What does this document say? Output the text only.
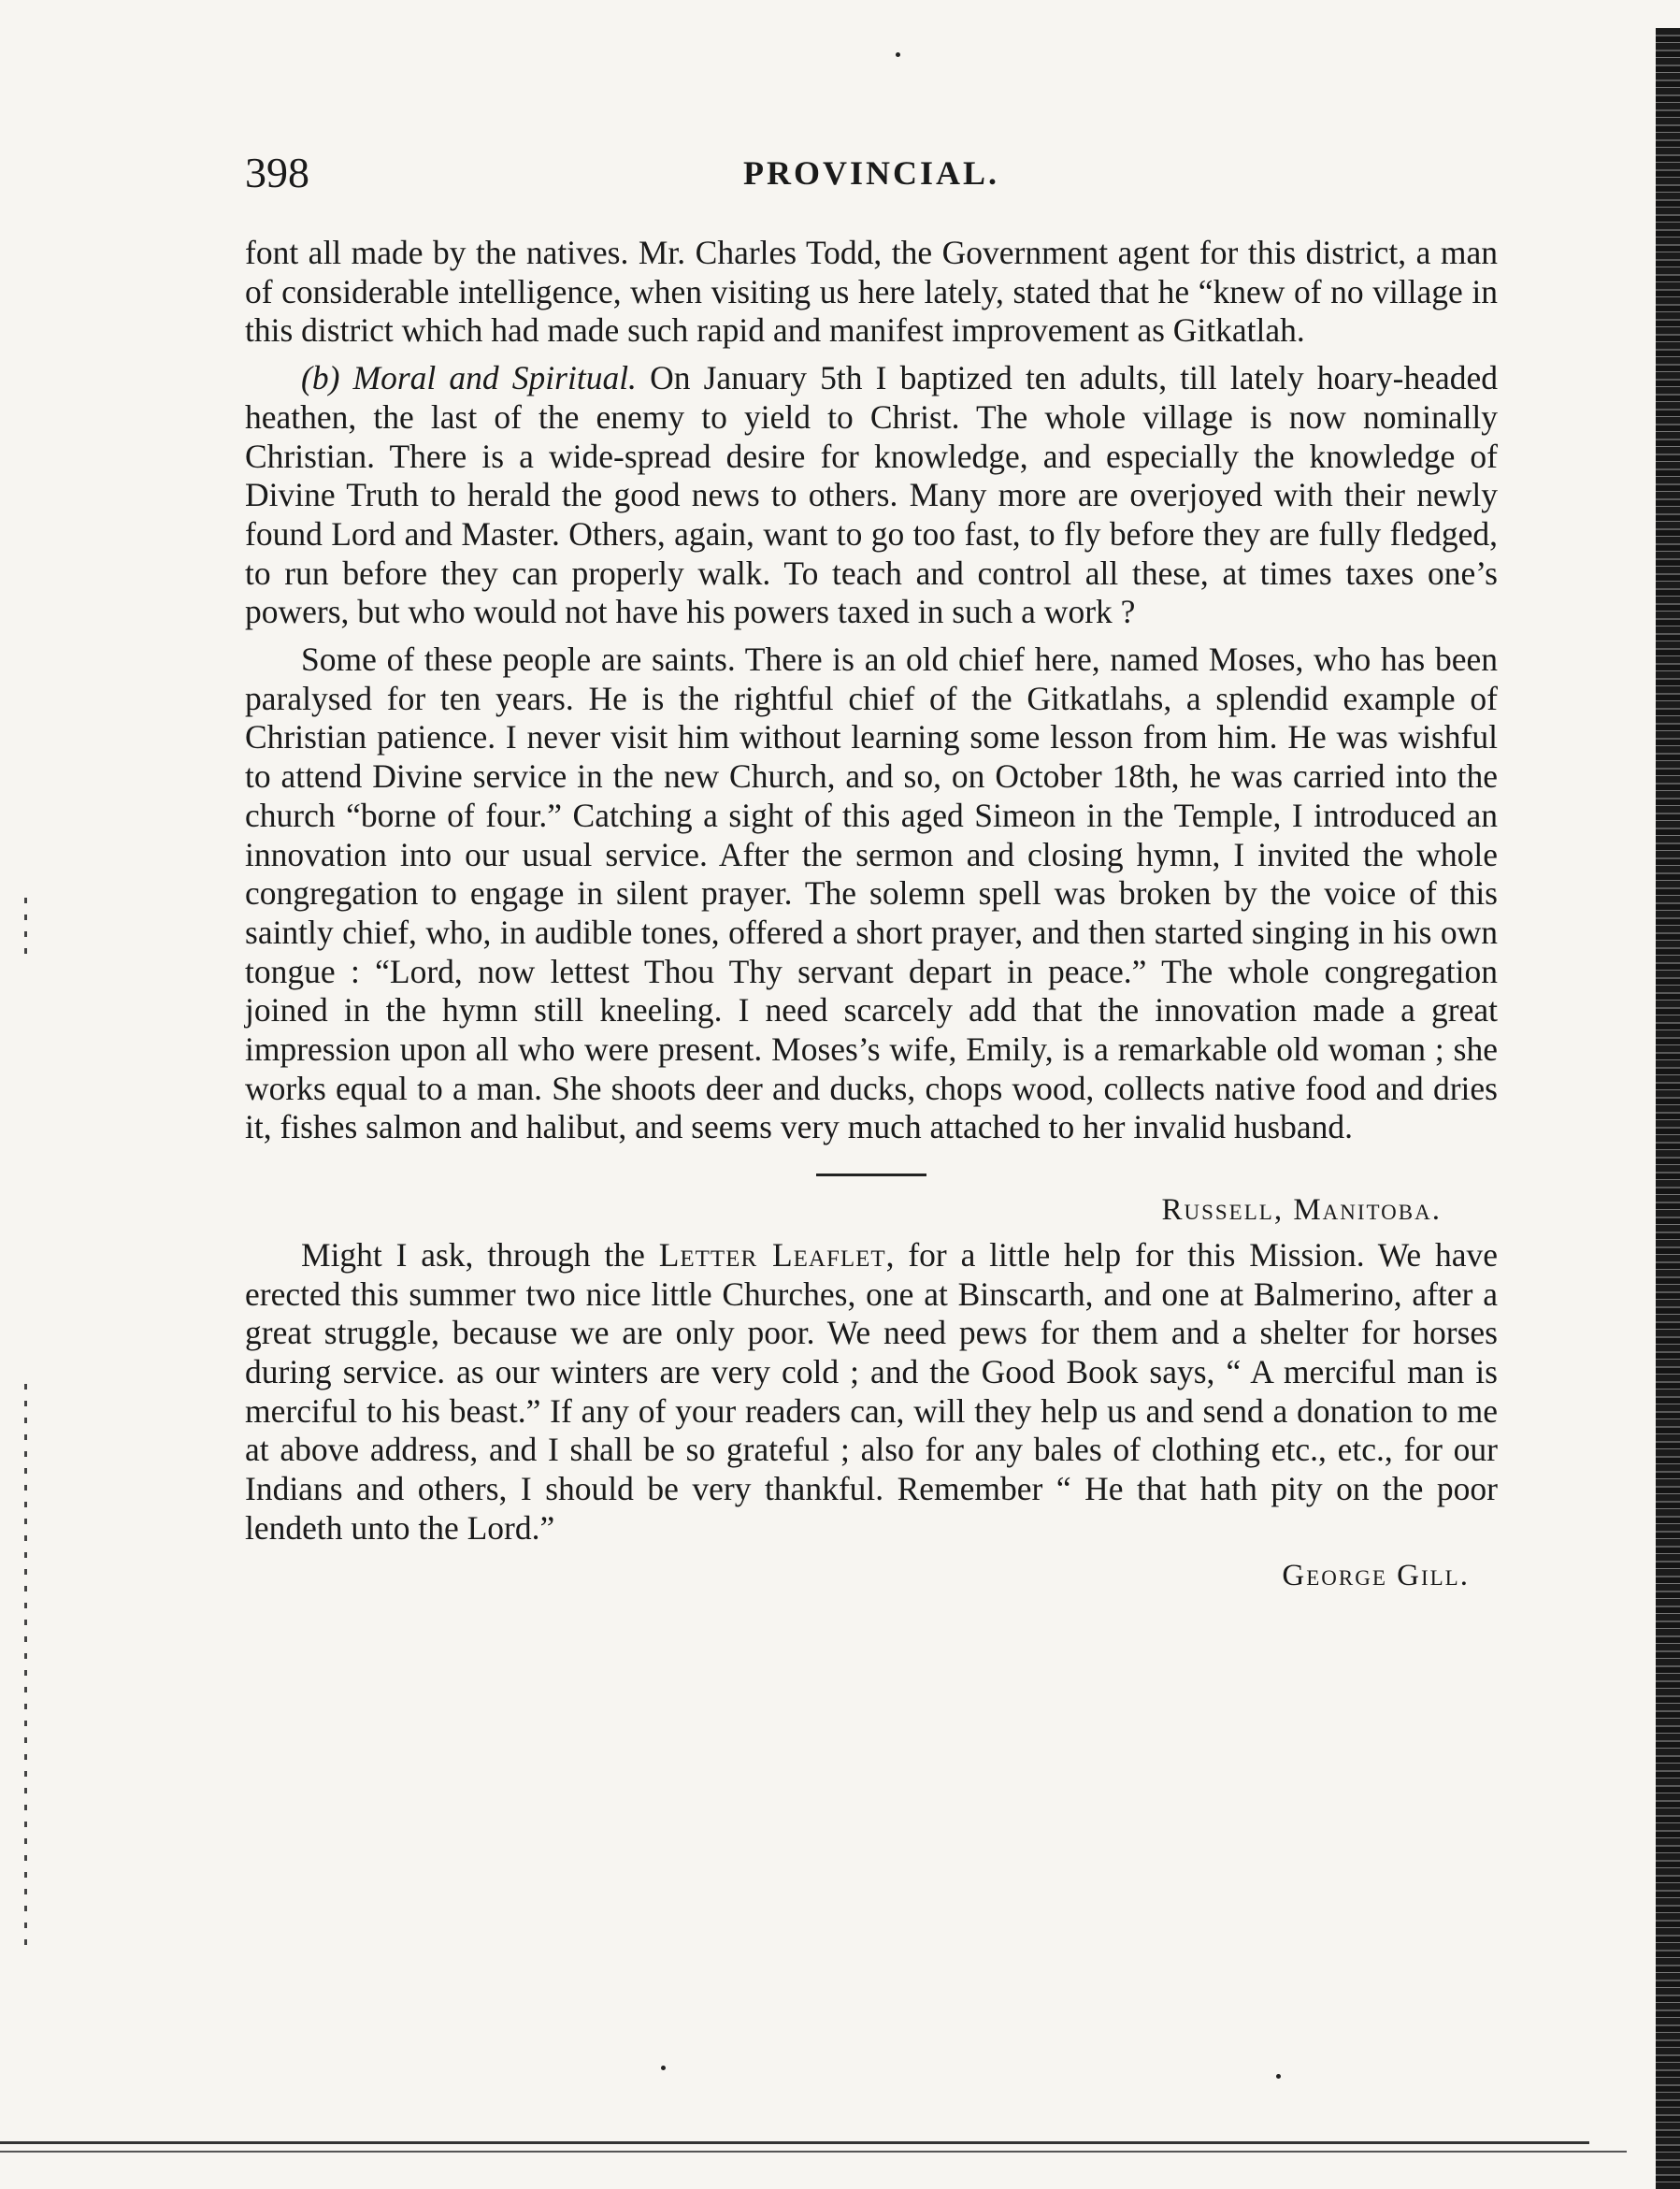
398	PROVINCIAL.

font all made by the natives. Mr. Charles Todd, the Government agent for this district, a man of considerable intelligence, when visiting us here lately, stated that he “knew of no village in this district which had made such rapid and manifest improvement as Gitkatlah.

(b) Moral and Spiritual. On January 5th I baptized ten adults, till lately hoary-headed heathen, the last of the enemy to yield to Christ. The whole village is now nominally Christian. There is a wide-spread desire for knowledge, and especially the knowledge of Divine Truth to herald the good news to others. Many more are overjoyed with their newly found Lord and Master. Others, again, want to go too fast, to fly before they are fully fledged, to run before they can properly walk. To teach and control all these, at times taxes one’s powers, but who would not have his powers taxed in such a work ?

Some of these people are saints. There is an old chief here, named Moses, who has been paralysed for ten years. He is the rightful chief of the Gitkatlahs, a splendid example of Christian patience. I never visit him without learning some lesson from him. He was wishful to attend Divine service in the new Church, and so, on October 18th, he was carried into the church “borne of four.” Catching a sight of this aged Simeon in the Temple, I introduced an innovation into our usual service. After the sermon and closing hymn, I invited the whole congregation to engage in silent prayer. The solemn spell was broken by the voice of this saintly chief, who, in audible tones, offered a short prayer, and then started singing in his own tongue : “Lord, now lettest Thou Thy servant depart in peace.” The whole congregation joined in the hymn still kneeling. I need scarcely add that the innovation made a great impression upon all who were present. Moses’s wife, Emily, is a remarkable old woman ; she works equal to a man. She shoots deer and ducks, chops wood, collects native food and dries it, fishes salmon and halibut, and seems very much attached to her invalid husband.

Russell, Manitoba.

Might I ask, through the Letter Leaflet, for a little help for this Mission. We have erected this summer two nice little Churches, one at Binscarth, and one at Balmerino, after a great struggle, because we are only poor. We need pews for them and a shelter for horses during service. as our winters are very cold ; and the Good Book says, “ A merciful man is merciful to his beast.” If any of your readers can, will they help us and send a donation to me at above address, and I shall be so grateful ; also for any bales of clothing etc., etc., for our Indians and others, I should be very thankful. Remember “ He that hath pity on the poor lendeth unto the Lord.”

George Gill.
